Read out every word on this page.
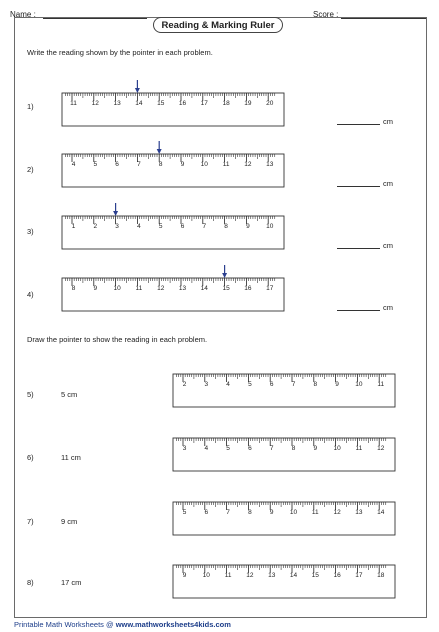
Name :	Score :
Reading & Marking Ruler
Write the reading shown by the pointer in each problem.
1)	11 12 13 14 15 16 17 18 19 20
cm
2)
4	5	6	7	8	9	10 11 12 13
cm
3)
1	2	3	4	5	6	7	8	9	10
cm
4)
8	9	10 11 12 13 14 15 16 17
cm
Draw the pointer to show the reading in each problem.
5)	5 cm
2	3	4	5	6	7	8	9	10 11
6)	11 cm
3	4	5	6	7	8	9	10 11 12
7)	9 cm
5	6	7	8	9	10 11 12 13 14
8)	17 cm
9	10 11 12 13 14 15 16 17 18
Printable Math Worksheets @ www.mathworksheets4kids.com
